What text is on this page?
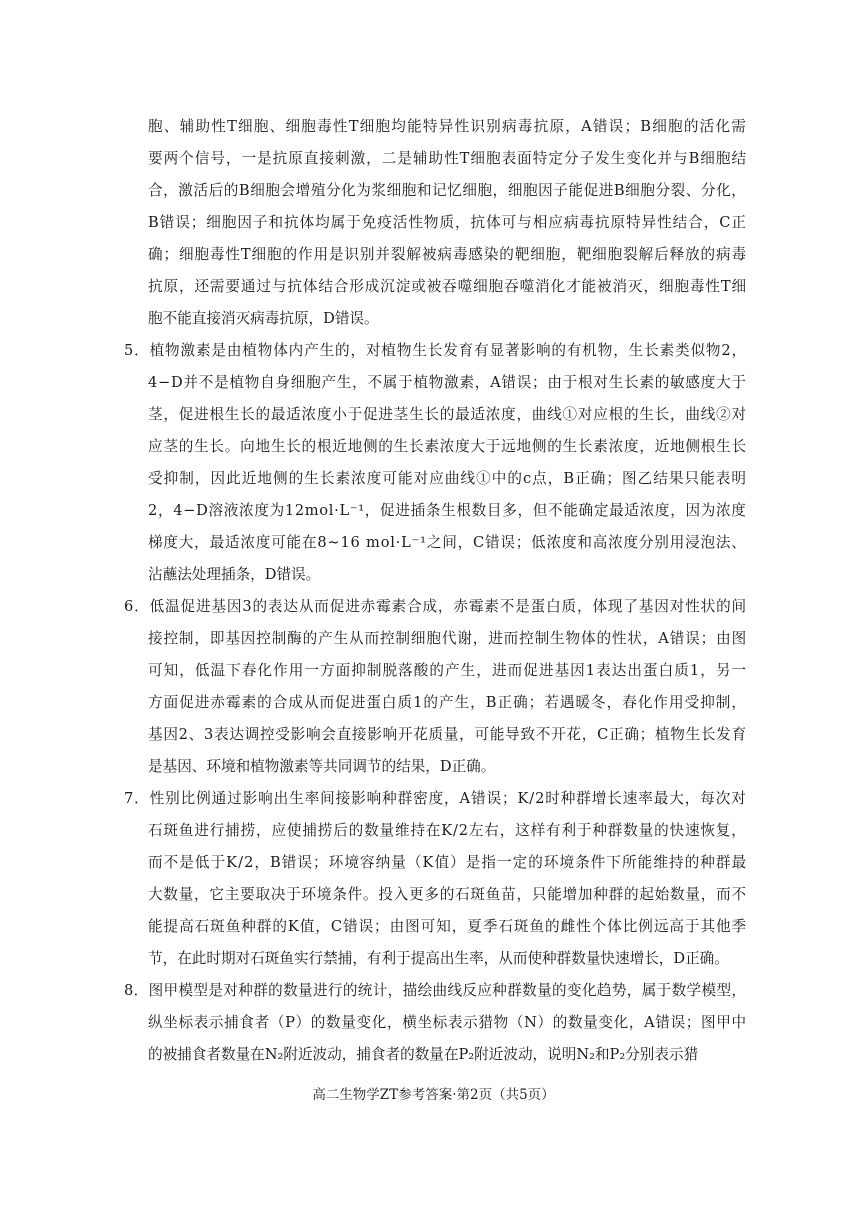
胞、辅助性T细胞、细胞毒性T细胞均能特异性识别病毒抗原，A错误；B细胞的活化需
要两个信号，一是抗原直接刺激，二是辅助性T细胞表面特定分子发生变化并与B细胞结
合，激活后的B细胞会增殖分化为浆细胞和记忆细胞，细胞因子能促进B细胞分裂、分化，
B错误；细胞因子和抗体均属于免疫活性物质，抗体可与相应病毒抗原特异性结合，C正
确；细胞毒性T细胞的作用是识别并裂解被病毒感染的靶细胞，靶细胞裂解后释放的病毒
抗原，还需要通过与抗体结合形成沉淀或被吞噬细胞吞噬消化才能被消灭，细胞毒性T细
胞不能直接消灭病毒抗原，D错误。
5．植物激素是由植物体内产生的，对植物生长发育有显著影响的有机物，生长素类似物2，
4−D并不是植物自身细胞产生，不属于植物激素，A错误；由于根对生长素的敏感度大于
茎，促进根生长的最适浓度小于促进茎生长的最适浓度，曲线①对应根的生长，曲线②对
应茎的生长。向地生长的根近地侧的生长素浓度大于远地侧的生长素浓度，近地侧根生长
受抑制，因此近地侧的生长素浓度可能对应曲线①中的c点，B正确；图乙结果只能表明
2，4−D溶液浓度为12mol·L⁻¹，促进插条生根数目多，但不能确定最适浓度，因为浓度
梯度大，最适浓度可能在8~16 mol·L⁻¹之间，C错误；低浓度和高浓度分别用浸泡法、
沾蘸法处理插条，D错误。
6．低温促进基因3的表达从而促进赤霉素合成，赤霉素不是蛋白质，体现了基因对性状的间
接控制，即基因控制酶的产生从而控制细胞代谢，进而控制生物体的性状，A错误；由图
可知，低温下春化作用一方面抑制脱落酸的产生，进而促进基因1表达出蛋白质1，另一
方面促进赤霉素的合成从而促进蛋白质1的产生，B正确；若遇暖冬，春化作用受抑制，
基因2、3表达调控受影响会直接影响开花质量，可能导致不开花，C正确；植物生长发育
是基因、环境和植物激素等共同调节的结果，D正确。
7．性别比例通过影响出生率间接影响种群密度，A错误；K/2时种群增长速率最大，每次对
石斑鱼进行捕捞，应使捕捞后的数量维持在K/2左右，这样有利于种群数量的快速恢复，
而不是低于K/2，B错误；环境容纳量（K值）是指一定的环境条件下所能维持的种群最
大数量，它主要取决于环境条件。投入更多的石斑鱼苗，只能增加种群的起始数量，而不
能提高石斑鱼种群的K值，C错误；由图可知，夏季石斑鱼的雌性个体比例远高于其他季
节，在此时期对石斑鱼实行禁捕，有利于提高出生率，从而使种群数量快速增长，D正确。
8．图甲模型是对种群的数量进行的统计，描绘曲线反应种群数量的变化趋势，属于数学模型，
纵坐标表示捕食者（P）的数量变化，横坐标表示猎物（N）的数量变化，A错误；图甲中
的被捕食者数量在N₂附近波动，捕食者的数量在P₂附近波动，说明N₂和P₂分别表示猎
高二生物学ZT参考答案·第2页（共5页）
